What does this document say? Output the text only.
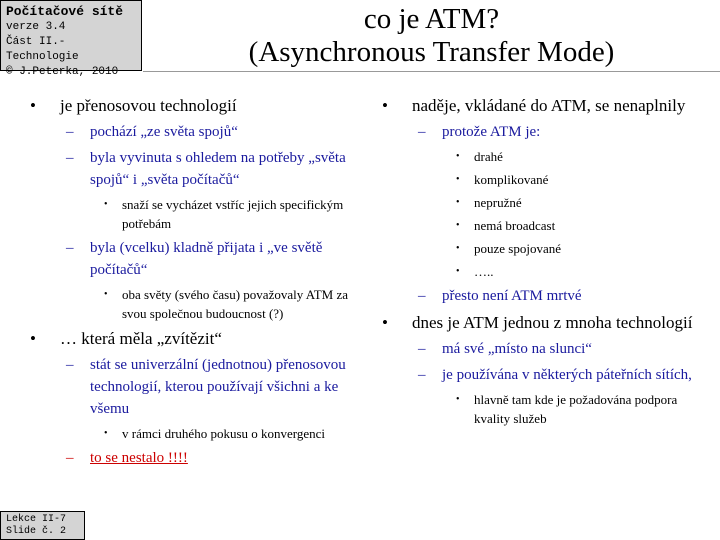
Počítačové sítě
verze 3.4
Část II.-Technologie
© J.Peterka, 2010
co je ATM?
(Asynchronous Transfer Mode)
• je přenosovou technologií
– pochází „ze světa spojů“
– byla vyvinuta s ohledem na potřeby „světa spojů“ i „světa počítačů“
• snaží se vycházet vstříc jejich specifickým potřebám
– byla (vcelku) kladně přijata i „ve světě počítačů“
• oba světy (svého času) považovaly ATM za svou společnou budoucnost (?)
• … která měla „zvítězit“
– stát se univerzální (jednotnou) přenosovou technologií, kterou používají všichni a ke všemu
• v rámci druhého pokusu o konvergenci
– to se nestalo !!!!
• naděje, vkládané do ATM, se nenaplnily
– protože ATM je:
• drahé
• komplikované
• nepružné
• nemá broadcast
• pouze spojované
• …..
– přesto není ATM mrtvé
• dnes je ATM jednou z mnoha technologií
– má své „místo na slunci“
– je používána v některých páteřních sítích,
• hlavně tam kde je požadována podpora kvality služeb
Lekce II-7
Slide č. 2
